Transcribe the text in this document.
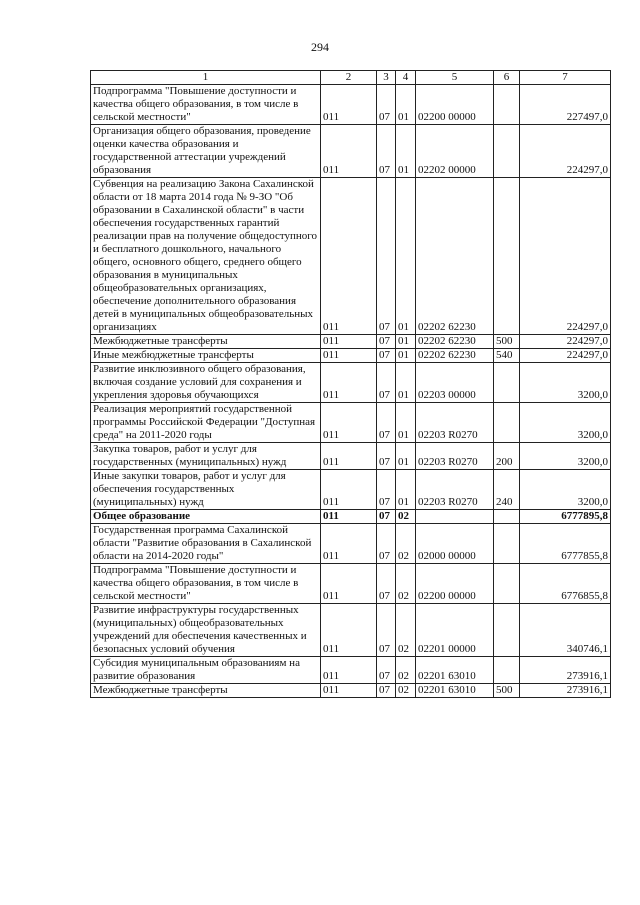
294
1	2	3	4	5	6	7
Подпрограмма "Повышение доступности и качества общего образования, в том числе в сельской местности"	011	07	01	02200 00000		227497,0
Организация общего образования, проведение оценки качества образования и государственной аттестации учреждений образования	011	07	01	02202 00000		224297,0
Субвенция на реализацию Закона Сахалинской области от 18 марта 2014 года № 9-ЗО "Об образовании в Сахалинской области" в части обеспечения государственных гарантий реализации прав на получение общедоступного и бесплатного дошкольного, начального общего, основного общего, среднего общего образования в муниципальных общеобразовательных организациях, обеспечение дополнительного образования детей в муниципальных общеобразовательных организациях	011	07	01	02202 62230		224297,0
Межбюджетные трансферты	011	07	01	02202 62230	500	224297,0
Иные межбюджетные трансферты	011	07	01	02202 62230	540	224297,0
Развитие инклюзивного общего образования, включая создание условий для сохранения и укрепления здоровья обучающихся	011	07	01	02203 00000		3200,0
Реализация мероприятий государственной программы Российской Федерации "Доступная среда" на 2011-2020 годы	011	07	01	02203 R0270		3200,0
Закупка товаров, работ и услуг для государственных (муниципальных) нужд	011	07	01	02203 R0270	200	3200,0
Иные закупки товаров, работ и услуг для обеспечения государственных (муниципальных) нужд	011	07	01	02203 R0270	240	3200,0
Общее образование	011	07	02			6777895,8
Государственная программа Сахалинской области "Развитие образования в Сахалинской области на 2014-2020 годы"	011	07	02	02000 00000		6777855,8
Подпрограмма "Повышение доступности и качества общего образования, в том числе в сельской местности"	011	07	02	02200 00000		6776855,8
Развитие инфраструктуры государственных (муниципальных) общеобразовательных учреждений для обеспечения качественных и безопасных условий обучения	011	07	02	02201 00000		340746,1
Субсидия муниципальным образованиям на развитие образования	011	07	02	02201 63010		273916,1
Межбюджетные трансферты	011	07	02	02201 63010	500	273916,1
